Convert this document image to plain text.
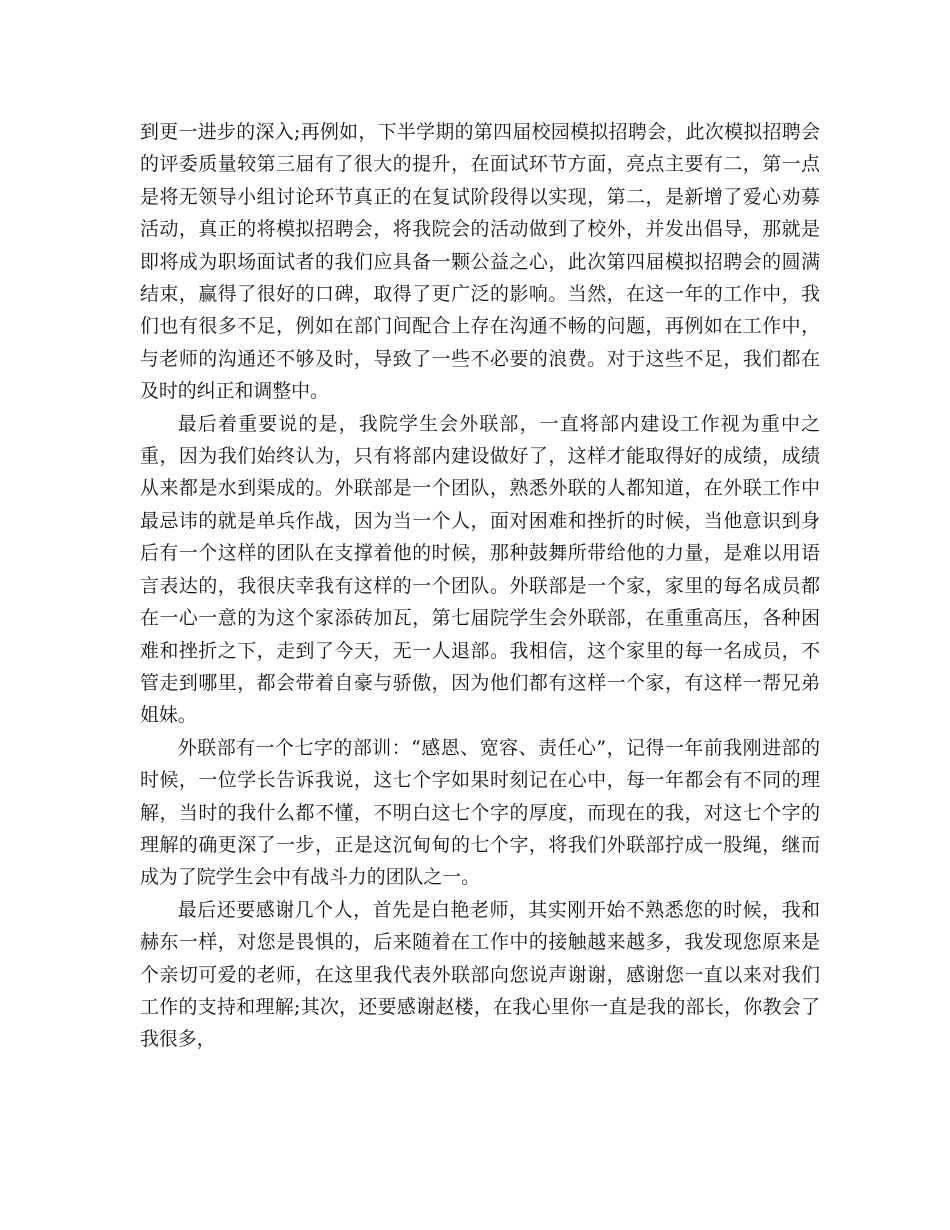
到更一进步的深入;再例如，下半学期的第四届校园模拟招聘会，此次模拟招聘会的评委质量较第三届有了很大的提升，在面试环节方面，亮点主要有二，第一点是将无领导小组讨论环节真正的在复试阶段得以实现，第二，是新增了爱心劝募活动，真正的将模拟招聘会，将我院会的活动做到了校外，并发出倡导，那就是即将成为职场面试者的我们应具备一颗公益之心，此次第四届模拟招聘会的圆满结束，赢得了很好的口碑，取得了更广泛的影响。当然，在这一年的工作中，我们也有很多不足，例如在部门间配合上存在沟通不畅的问题，再例如在工作中，与老师的沟通还不够及时，导致了一些不必要的浪费。对于这些不足，我们都在及时的纠正和调整中。

最后着重要说的是，我院学生会外联部，一直将部内建设工作视为重中之重，因为我们始终认为，只有将部内建设做好了，这样才能取得好的成绩，成绩从来都是水到渠成的。外联部是一个团队，熟悉外联的人都知道，在外联工作中最忌讳的就是单兵作战，因为当一个人，面对困难和挫折的时候，当他意识到身后有一个这样的团队在支撑着他的时候，那种鼓舞所带给他的力量，是难以用语言表达的，我很庆幸我有这样的一个团队。外联部是一个家，家里的每名成员都在一心一意的为这个家添砖加瓦，第七届院学生会外联部，在重重高压，各种困难和挫折之下，走到了今天，无一人退部。我相信，这个家里的每一名成员，不管走到哪里，都会带着自豪与骄傲，因为他们都有这样一个家，有这样一帮兄弟姐妹。

外联部有一个七字的部训：“感恩、宽容、责任心”，记得一年前我刚进部的时候，一位学长告诉我说，这七个字如果时刻记在心中，每一年都会有不同的理解，当时的我什么都不懂，不明白这七个字的厚度，而现在的我，对这七个字的理解的确更深了一步，正是这沉甸甸的七个字，将我们外联部拧成一股绳，继而成为了院学生会中有战斗力的团队之一。

最后还要感谢几个人，首先是白艳老师，其实刚开始不熟悉您的时候，我和赫东一样，对您是畏惧的，后来随着在工作中的接触越来越多，我发现您原来是个亲切可爱的老师，在这里我代表外联部向您说声谢谢，感谢您一直以来对我们工作的支持和理解;其次，还要感谢赵楼，在我心里你一直是我的部长，你教会了我很多，
